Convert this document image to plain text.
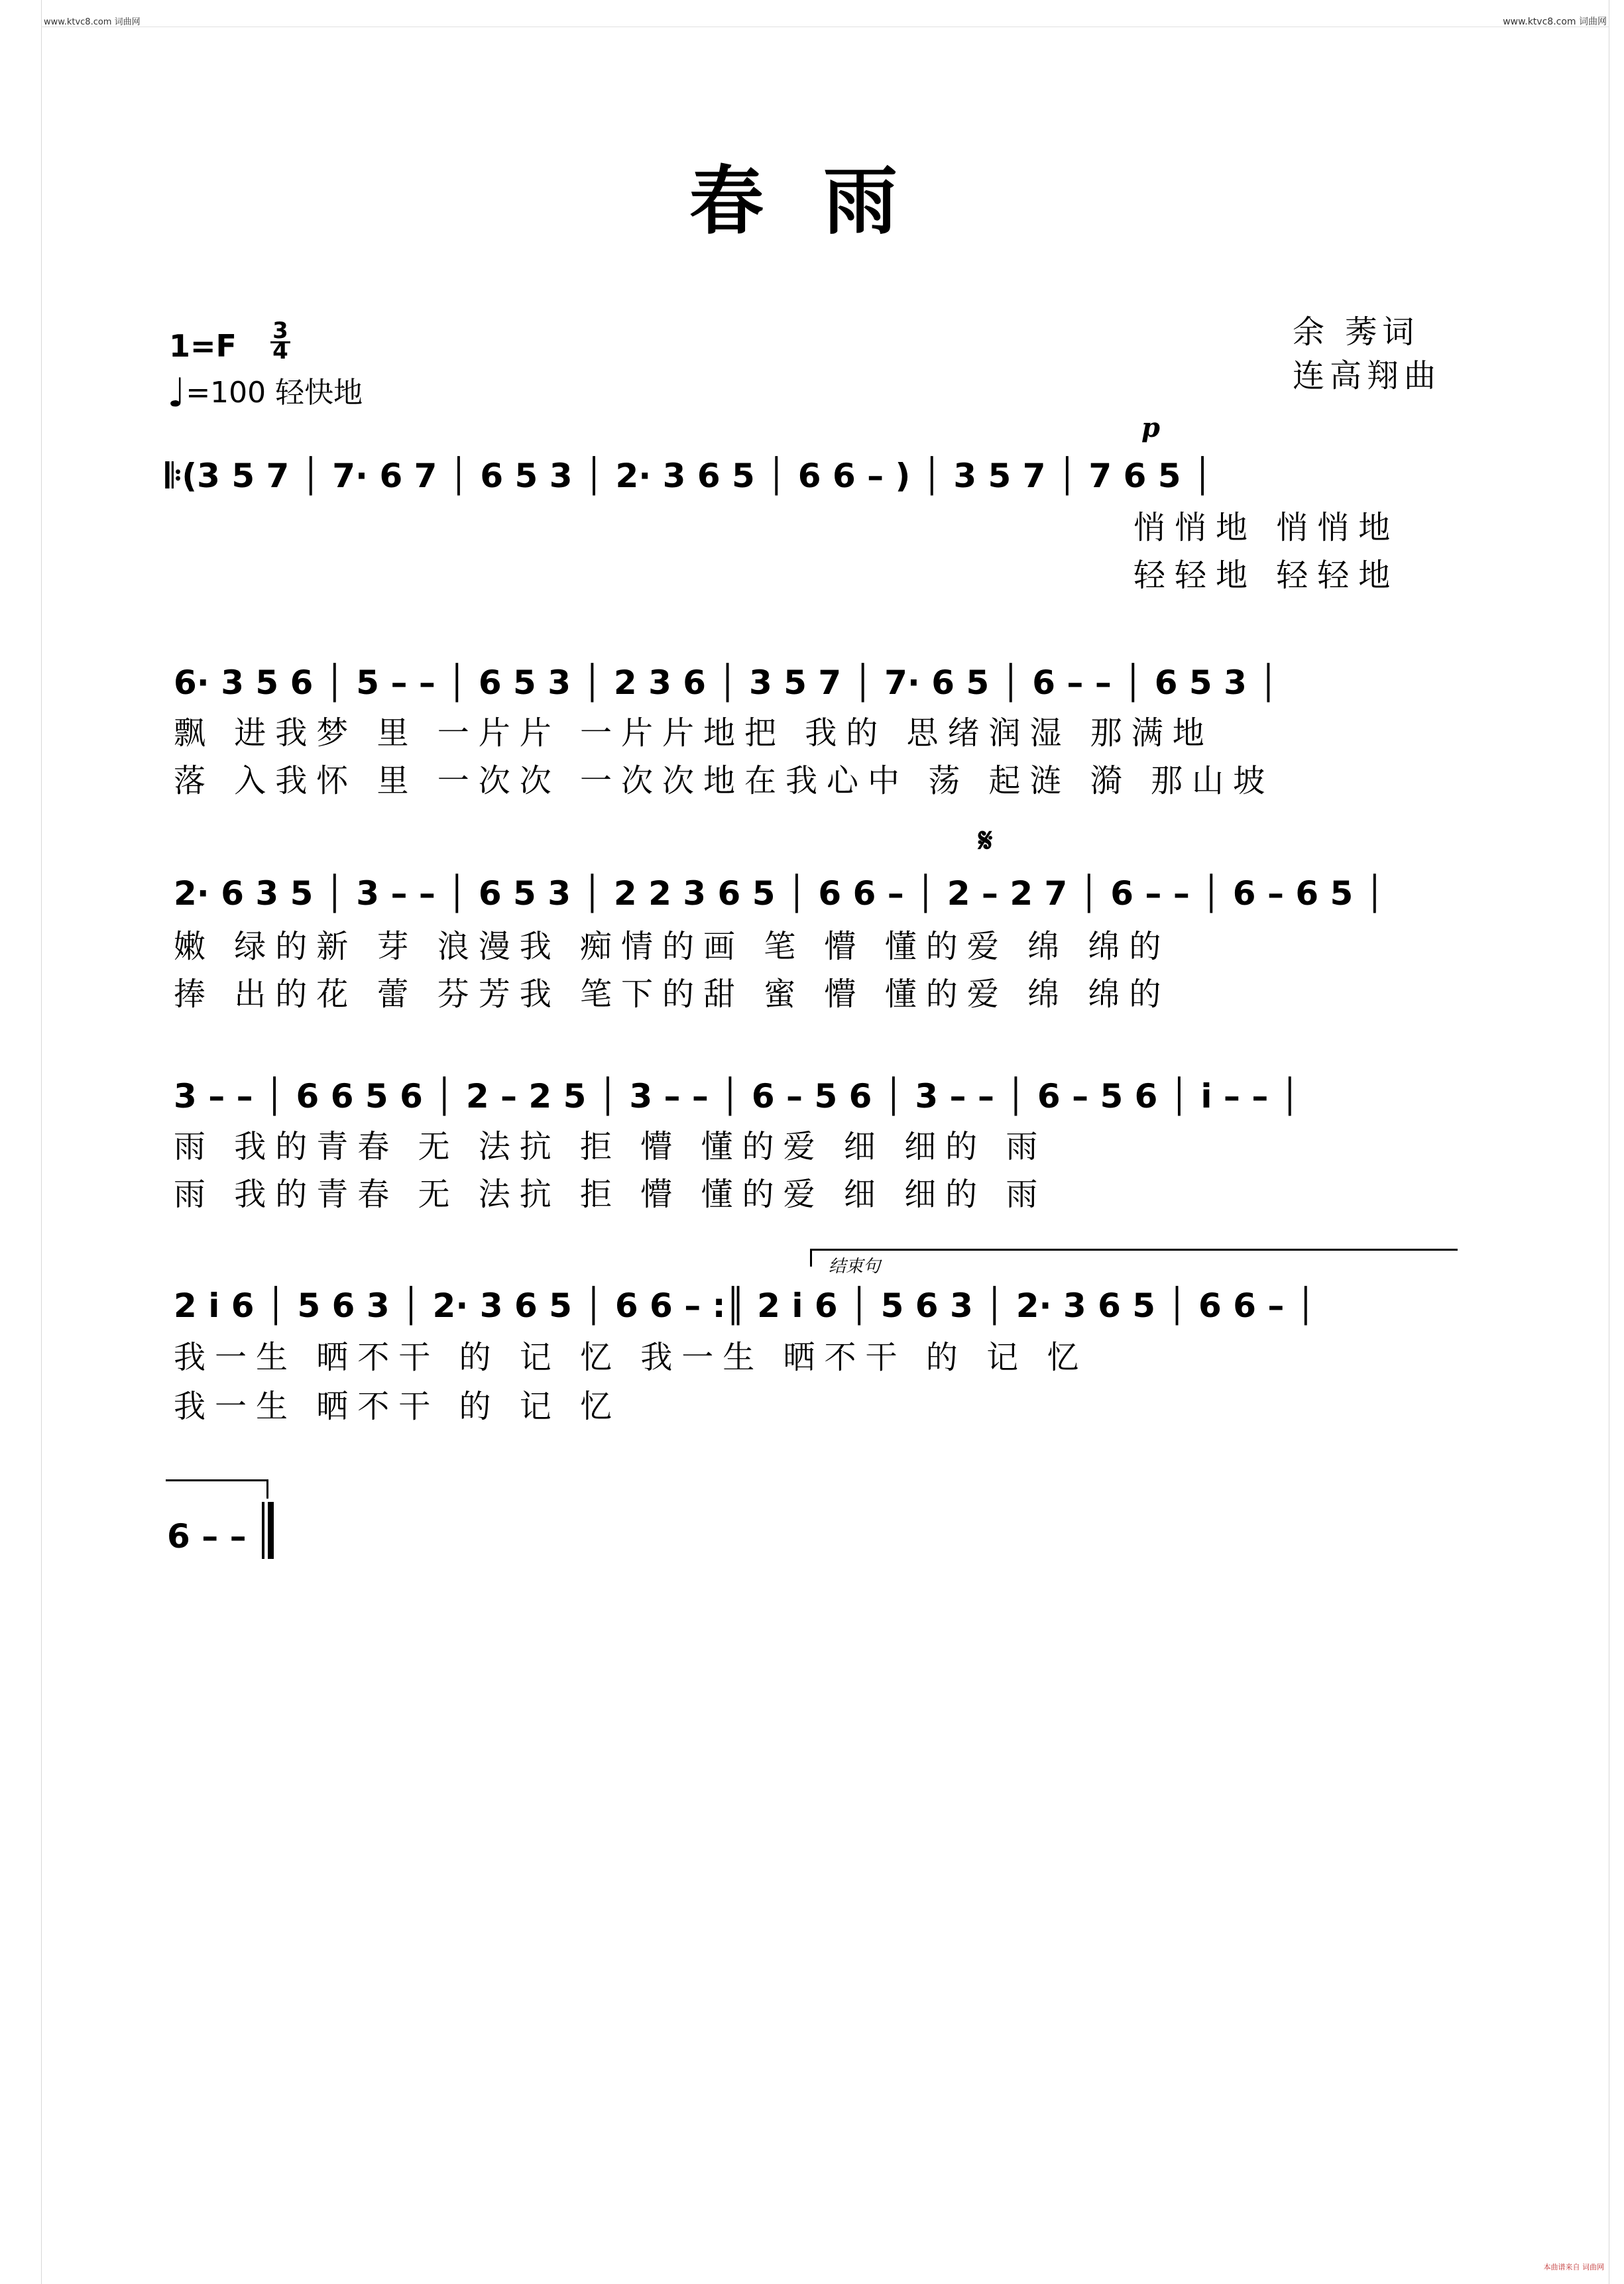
www.ktvc8.com 词曲网	www.ktvc8.com 词曲网
本曲谱来自 词曲网
春雨
1=F 3
4
♩=100 轻快地
余 莠词
连高翔曲
p
𝄋
结束句
𝄆(3 5 7 │ 7· 6 7 │ 6 5 3 │ 2· 3 6 5 │ 6 6 – ) │ 3 5 7 │ 7 6 5 │
悄悄地 悄悄地
轻轻地 轻轻地
6· 3 5 6 │ 5 – – │ 6 5 3 │ 2 3 6 │ 3 5 7 │ 7· 6 5 │ 6 – – │ 6 5 3 │
飘 进我梦 里 一片片 一片片地把 我的 思绪润湿 那满地
落 入我怀 里 一次次 一次次地在我心中 荡 起涟 漪 那山坡
2· 6 3 5 │ 3 – – │ 6 5 3 │ 2 2 3 6 5 │ 6 6 – │ 2 – 2 7 │ 6 – – │ 6 – 6 5 │
嫩 绿的新 芽 浪漫我 痴情的画 笔 懵 懂的爱 绵 绵的
捧 出的花 蕾 芬芳我 笔下的甜 蜜 懵 懂的爱 绵 绵的
3 – – │ 6 6 5 6 │ 2 – 2 5 │ 3 – – │ 6 – 5 6 │ 3 – – │ 6 – 5 6 │ i – – │
雨 我的青春 无 法抗 拒 懵 懂的爱 细 细的 雨
雨 我的青春 无 法抗 拒 懵 懂的爱 细 细的 雨
2 i 6 │ 5 6 3 │ 2· 3 6 5 │ 6 6 – :║ 2 i 6 │ 5 6 3 │ 2· 3 6 5 │ 6 6 – │
我一生 晒不干 的 记 忆 我一生 晒不干 的 记 忆
我一生 晒不干 的 记 忆
6 – –
